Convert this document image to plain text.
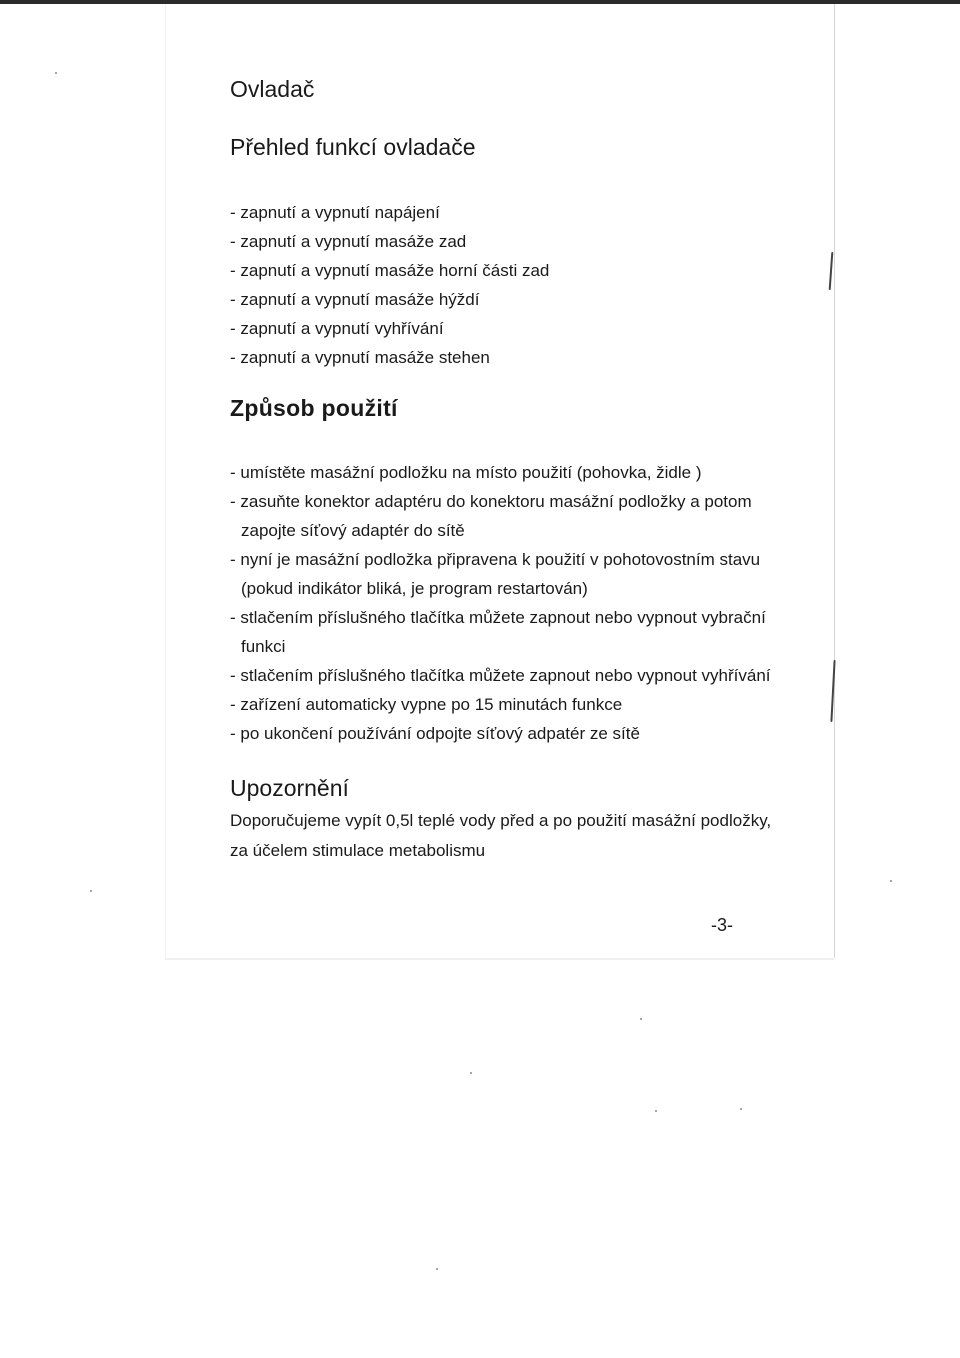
Ovladač
Přehled funkcí ovladače
- zapnutí a vypnutí napájení
- zapnutí a vypnutí masáže zad
- zapnutí a vypnutí masáže horní části zad
- zapnutí a vypnutí masáže hýždí
- zapnutí a vypnutí vyhřívání
- zapnutí a vypnutí masáže stehen
Způsob použití
- umístěte masážní podložku na místo použití (pohovka, židle )
- zasuňte konektor adaptéru do konektoru masážní podložky a potom zapojte síťový adaptér do sítě
- nyní je masážní podložka připravena k použití v pohotovostním stavu (pokud indikátor bliká, je program restartován)
- stlačením příslušného tlačítka můžete zapnout nebo vypnout vybrační funkci
- stlačením příslušného tlačítka můžete zapnout nebo vypnout vyhřívání
- zařízení automaticky vypne po 15 minutách funkce
- po ukončení používání odpojte síťový adpatér ze sítě
Upozornění

Doporučujeme vypít 0,5l teplé vody před a po použití masážní podložky, za účelem stimulace metabolismu

-3-
